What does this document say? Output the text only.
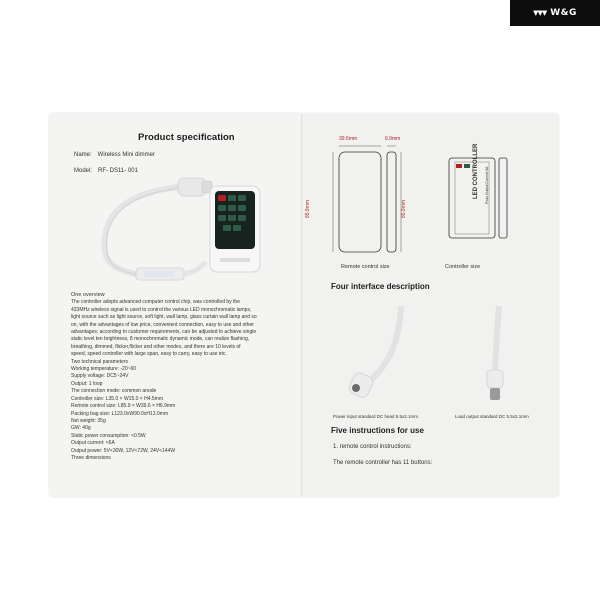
▼▼▼ W&G
Product specification
Name: Wireless Mini dimmer
Model: RF- DS11- 001

One overview

The controller adopts advanced computer control chip, was controlled by the

433MHz wireless signal is used to control the various LED monochromatic lamps,

light source such as light source, soft light, wall lamp, glass curtain wall lamp and so

on, with the advantages of low price, convenient connection, easy to use and other

advantages; according to customer requirements, can be adjusted to achieve single

static level ten brightness, 8 monochromatic dynamic mode, can realize flashing,

breathing, dimmed, flicker,flicker and other modes, and there are 10 levels of

speed, speed controller with large span, easy to carry, easy to use etc.

Two technical parameters

Working temperature: -20~60

Supply voltage: DC5~24V

Output: 1 loop

The connection mode: common anode

Controller size: L35.0 × W15.0 × H4.5mm

Remote control size: L85.9 × W39.6 × H6.9mm

Packing bag size: L123.0xW90.0xH13.0mm

Net weight: 35g

GW: 40g

Static power consumption: <0.5W

Output current: <6A

Output power: 5V<30W, 12V<72W, 24V<144W

Three dimensions

39.6mm	6.9mm
85.9mm	85.9mm
LED CONTROLLER Peak Output Current 6A
Remote control size	Controller size
Four interface description
Power input standard DC head 5.5x2.1mm	Load output standard DC 5.5x2.1mm
Five instructions for use
1. remote control instructions:
The remote controller has 11 buttons:
